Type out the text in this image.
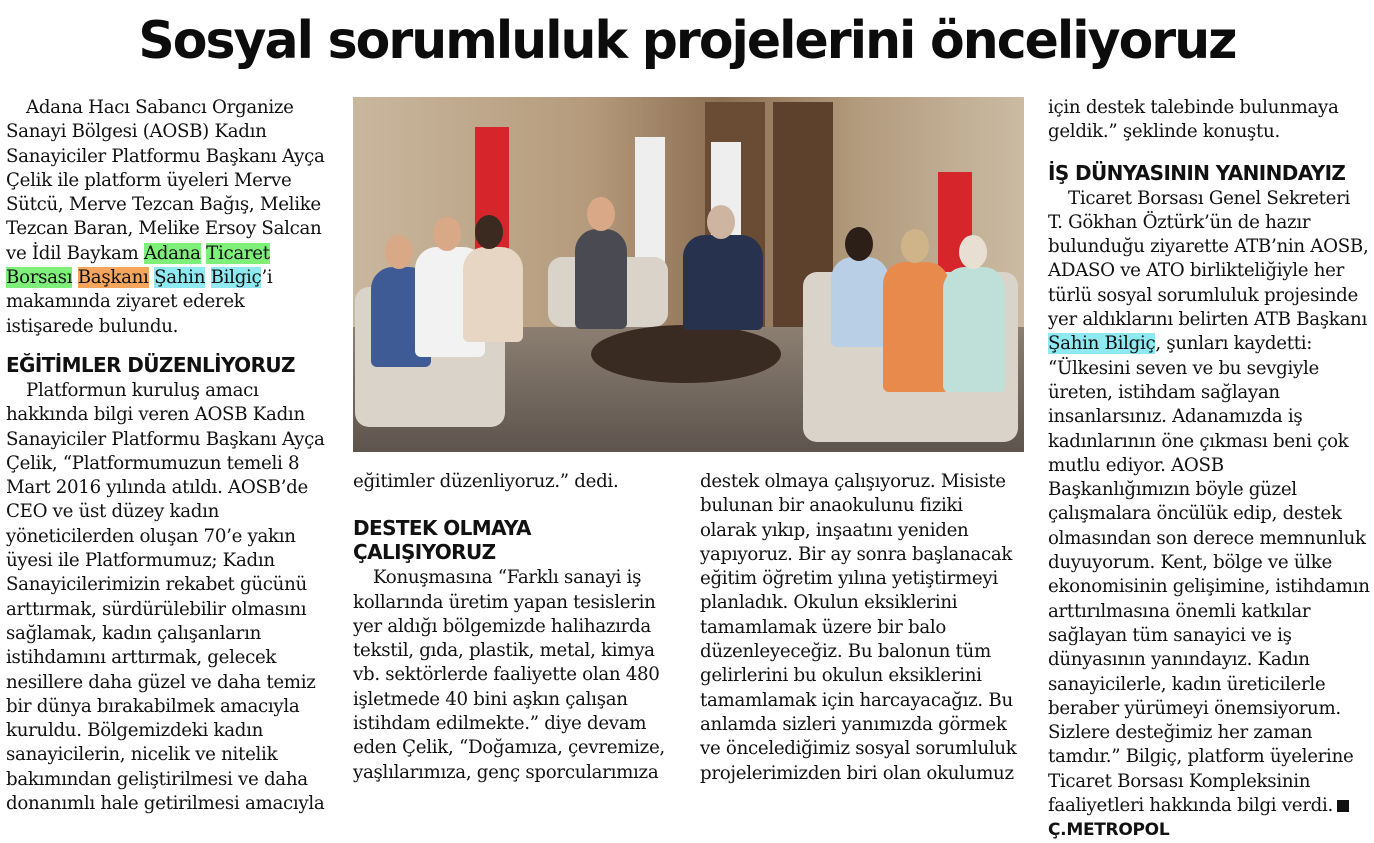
Sosyal sorumluluk projelerini önceliyoruz

Adana Hacı Sabancı Organize Sanayi Bölgesi (AOSB) Kadın Sanayiciler Platformu Başkanı Ayça Çelik ile platform üyeleri Merve Sütcü, Merve Tezcan Bağış, Melike Tezcan Baran, Melike Ersoy Salcan ve İdil Baykam Adana Ticaret Borsası Başkanı Şahin Bilgiç’i makamında ziyaret ederek istişarede bulundu.

EĞİTİMLER DÜZENLİYORUZ

Platformun kuruluş amacı hakkında bilgi veren AOSB Kadın Sanayiciler Platformu Başkanı Ayça Çelik, “Platformumuzun temeli 8 Mart 2016 yılında atıldı. AOSB’de CEO ve üst düzey kadın yöneticilerden oluşan 70’e yakın üyesi ile Platformumuz; Kadın Sanayicilerimizin rekabet gücünü arttırmak, sürdürülebilir olmasını sağlamak, kadın çalışanların istihdamını arttırmak, gelecek nesillere daha güzel ve daha temiz bir dünya bırakabilmek amacıyla kuruldu. Bölgemizdeki kadın sanayicilerin, nicelik ve nitelik bakımından geliştirilmesi ve daha donanımlı hale getirilmesi amacıyla

eğitimler düzenliyoruz.” dedi.

DESTEK OLMAYA ÇALIŞIYORUZ

Konuşmasına “Farklı sanayi iş kollarında üretim yapan tesislerin yer aldığı bölgemizde halihazırda tekstil, gıda, plastik, metal, kimya vb. sektörlerde faaliyette olan 480 işletmede 40 bini aşkın çalışan istihdam edilmekte.” diye devam eden Çelik, “Doğamıza, çevremize, yaşlılarımıza, genç sporcularımıza

destek olmaya çalışıyoruz. Misiste bulunan bir anaokulunu fiziki olarak yıkıp, inşaatını yeniden yapıyoruz. Bir ay sonra başlanacak eğitim öğretim yılına yetiştirmeyi planladık. Okulun eksiklerini tamamlamak üzere bir balo düzenleyeceğiz. Bu balonun tüm gelirlerini bu okulun eksiklerini tamamlamak için harcayacağız. Bu anlamda sizleri yanımızda görmek ve öncelediğimiz sosyal sorumluluk projelerimizden biri olan okulumuz

için destek talebinde bulunmaya geldik.” şeklinde konuştu.

İŞ DÜNYASININ YANINDAYIZ

Ticaret Borsası Genel Sekreteri T. Gökhan Öztürk’ün de hazır bulunduğu ziyarette ATB’nin AOSB, ADASO ve ATO birlikteliğiyle her türlü sosyal sorumluluk projesinde yer aldıklarını belirten ATB Başkanı Şahin Bilgiç, şunları kaydetti: “Ülkesini seven ve bu sevgiyle üreten, istihdam sağlayan insanlarsınız. Adanamızda iş kadınlarının öne çıkması beni çok mutlu ediyor. AOSB Başkanlığımızın böyle güzel çalışmalara öncülük edip, destek olmasından son derece memnunluk duyuyorum. Kent, bölge ve ülke ekonomisinin gelişimine, istihdamın arttırılmasına önemli katkılar sağlayan tüm sanayici ve iş dünyasının yanındayız. Kadın sanayicilerle, kadın üreticilerle beraber yürümeyi önemsiyorum. Sizlere desteğimiz her zaman tamdır.” Bilgiç, platform üyelerine Ticaret Borsası Kompleksinin faaliyetleri hakkında bilgi verdi.Ç.METROPOL
